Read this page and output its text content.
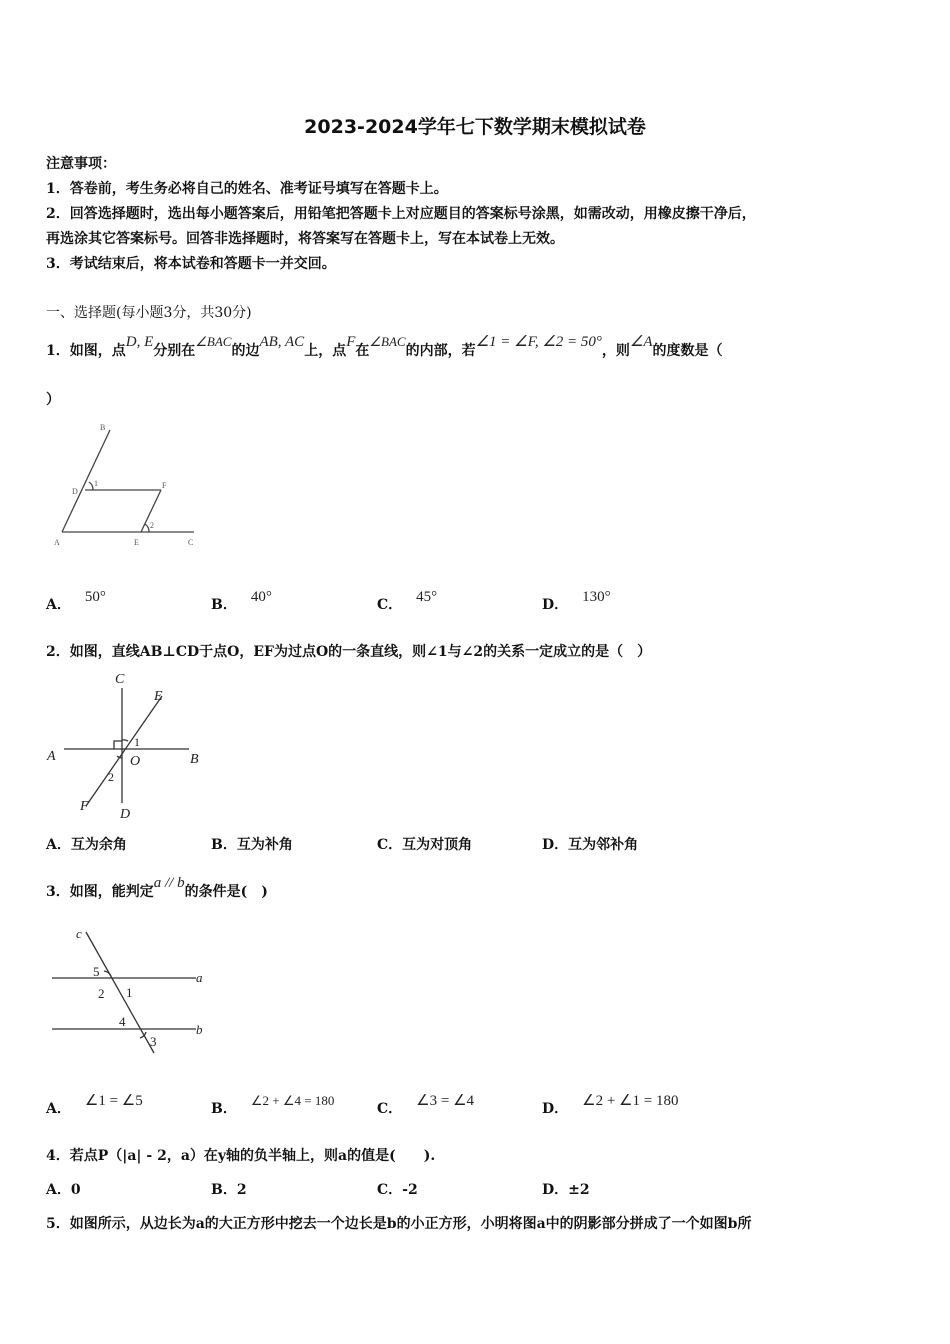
2023-2024学年七下数学期末模拟试卷
注意事项：
1．答卷前，考生务必将自己的姓名、准考证号填写在答题卡上。
2．回答选择题时，选出每小题答案后，用铅笔把答题卡上对应题目的答案标号涂黑，如需改动，用橡皮擦干净后，
再选涂其它答案标号。回答非选择题时，将答案写在答题卡上，写在本试卷上无效。
3．考试结束后，将本试卷和答题卡一并交回。
一、选择题(每小题3分，共30分)
1．如图，点D, E分别在∠BAC的边AB, AC上，点F在∠BAC的内部，若∠1 = ∠F, ∠2 = 50°，则∠A的度数是（
）
B
D
1	F
2
A	E	C
A． 50°	B． 40°	C． 45°	D． 130°
2．如图，直线AB⊥CD于点O，EF为过点O的一条直线，则∠1与∠2的关系一定成立的是（　）
C
E
A
1
O	B
2
F
D
A．互为余角	B．互为补角	C．互为对顶角	D．互为邻补角
3．如图，能判定a // b的条件是(　)
c
5	a
2 1
4
b
3
A． ∠1 = ∠5	B．∠2 + ∠4 = 180
C． ∠3 = ∠4	D． ∠2 + ∠1 = 180
4．若点P（|a| - 2，a）在y轴的负半轴上，则a的值是(　　).
A．0	B．2	C．-2	D．±2
5．如图所示，从边长为a的大正方形中挖去一个边长是b的小正方形，小明将图a中的阴影部分拼成了一个如图b所
